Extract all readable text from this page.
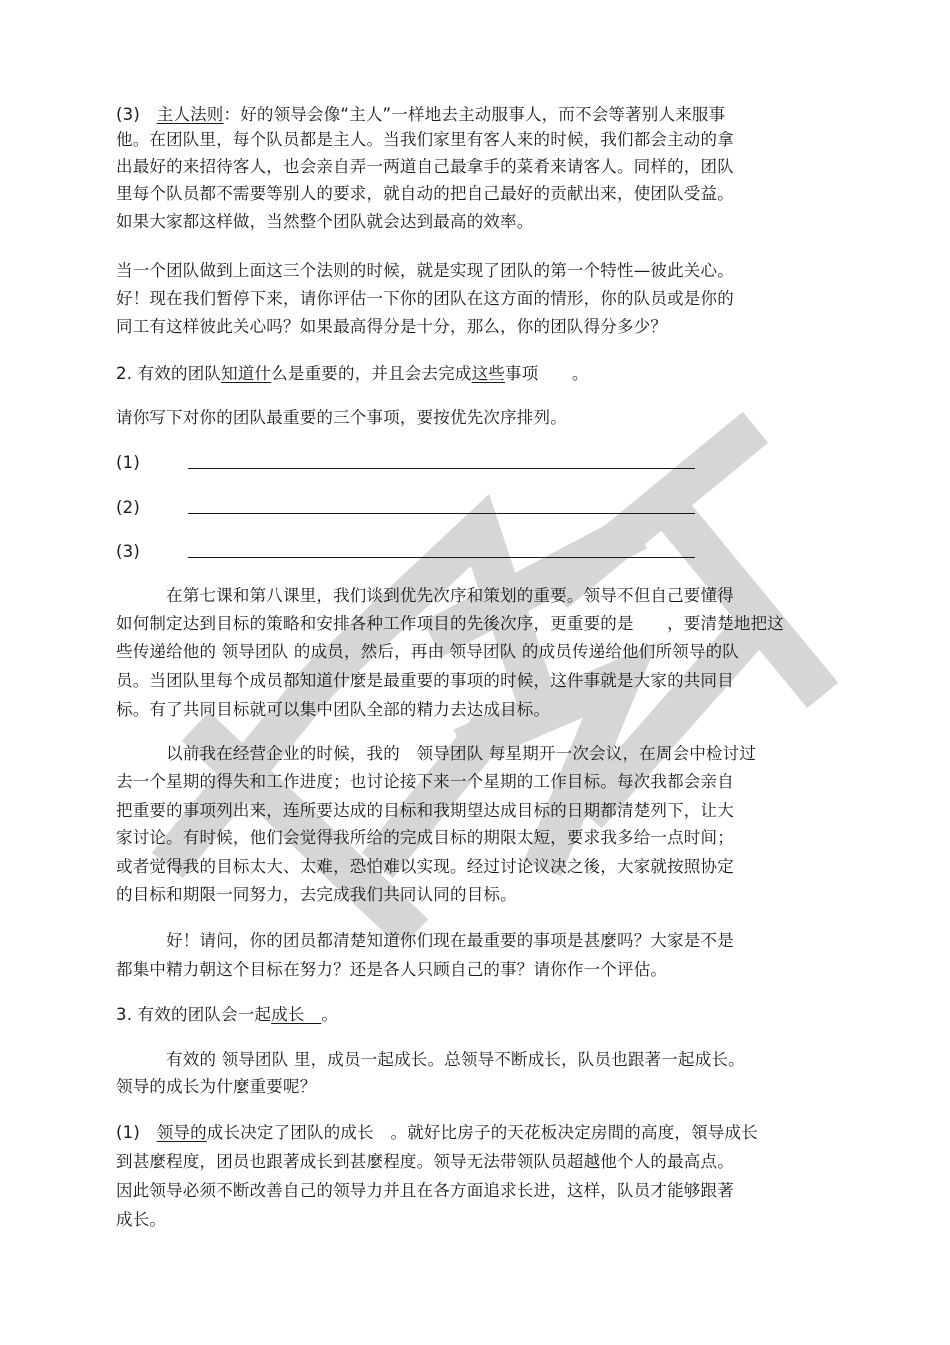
(3)　主人法则：好的领导会像“主人”一样地去主动服事人，而不会等著别人来服事
他。在团队里，每个队员都是主人。当我们家里有客人来的时候，我们都会主动的拿
出最好的来招待客人，也会亲自弄一两道自己最拿手的菜肴来请客人。同样的，团队
里每个队员都不需要等别人的要求，就自动的把自己最好的贡献出来，使团队受益。
如果大家都这样做，当然整个团队就会达到最高的效率。
当一个团队做到上面这三个法则的时候，就是实现了团队的第一个特性—彼此关心。
好！现在我们暂停下来，请你评估一下你的团队在这方面的情形，你的队员或是你的
同工有这样彼此关心吗？如果最高得分是十分，那么，你的团队得分多少？
2. 有效的团队知道什么是重要的，并且会去完成这些事项　　。
请你写下对你的团队最重要的三个事项，要按优先次序排列。
(1)
(2)
(3)
　　　在第七课和第八课里，我们谈到优先次序和策划的重要。领导不但自己要懂得
如何制定达到目标的策略和安排各种工作项目的先後次序，更重要的是　　，要清楚地把这
些传递给他的 领导团队 的成员，然后，再由 领导团队 的成员传递给他们所领导的队
员。当团队里每个成员都知道什麼是最重要的事项的时候，这件事就是大家的共同目
标。有了共同目标就可以集中团队全部的精力去达成目标。
　　　以前我在经营企业的时候，我的　领导团队 每星期开一次会议，在周会中检讨过
去一个星期的得失和工作进度；也讨论接下来一个星期的工作目标。每次我都会亲自
把重要的事项列出来，连所要达成的目标和我期望达成目标的日期都清楚列下，让大
家讨论。有时候，他们会觉得我所给的完成目标的期限太短，要求我多给一点时间；
或者觉得我的目标太大、太难，恐怕难以实现。经过讨论议决之後，大家就按照协定
的目标和期限一同努力，去完成我们共同认同的目标。
　　　好！请问，你的团员都清楚知道你们现在最重要的事项是甚麼吗？大家是不是
都集中精力朝这个目标在努力？还是各人只顾自己的事？请你作一个评估。
3. 有效的团队会一起成长　。
　　　有效的 领导团队 里，成员一起成长。总领导不断成长，队员也跟著一起成长。
领导的成长为什麼重要呢？
(1)　领导的成长决定了团队的成长　。就好比房子的天花板决定房間的高度，領导成长
到甚麼程度，团员也跟著成长到甚麼程度。领导无法带领队员超越他个人的最高点。
因此领导必须不断改善自己的领导力并且在各方面追求长进，这样，队员才能够跟著
成长。
